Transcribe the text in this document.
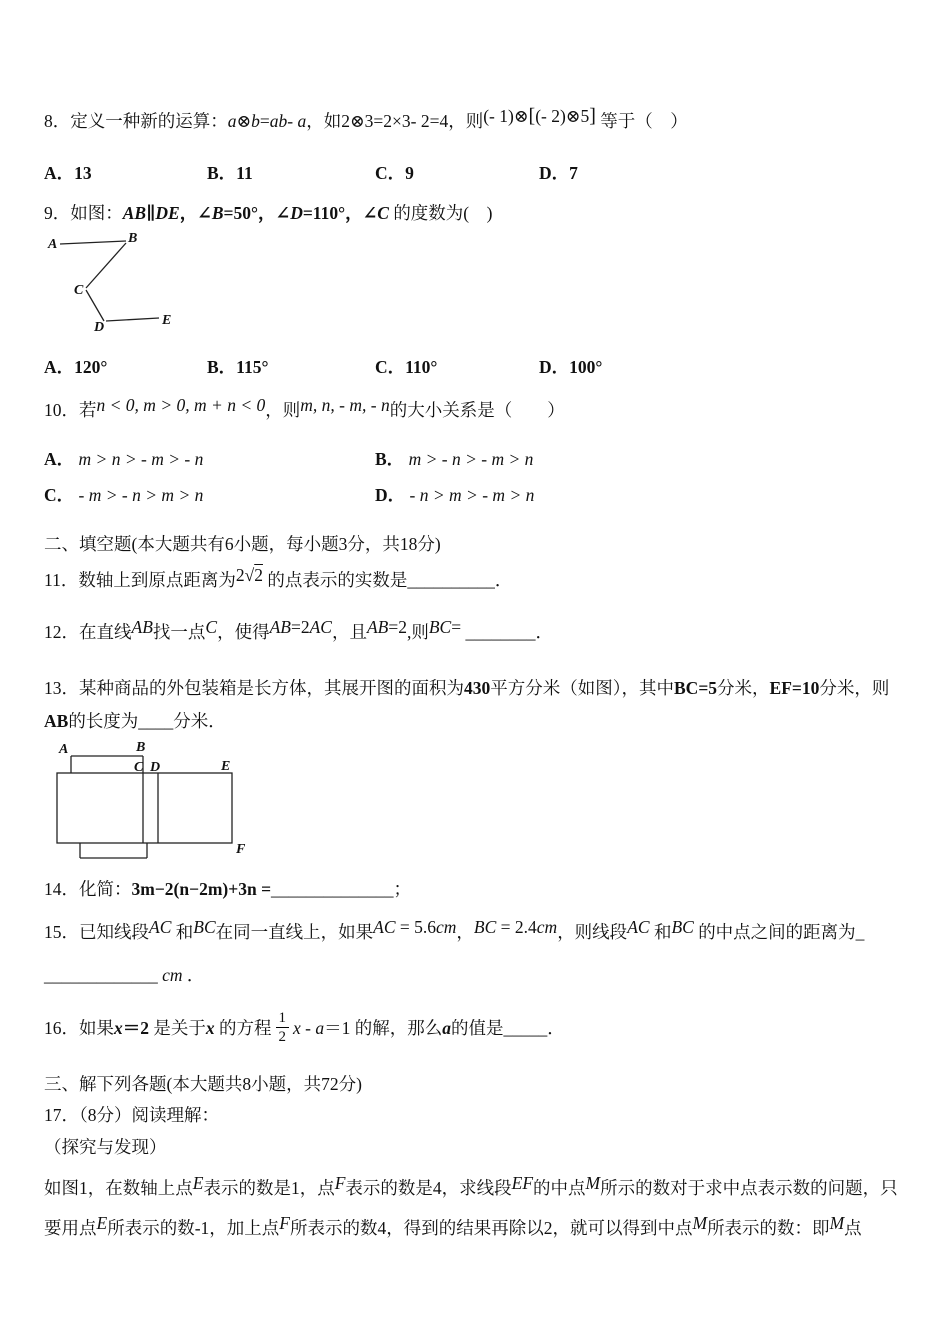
8．定义一种新的运算：a⊗b=ab- a，如2⊗3=2×3- 2=4，则(- 1)⊗[(- 2)⊗5] 等于（　）
A．13	B．11	C．9	D．7
9．如图：AB∥DE，∠B=50°，∠D=110°，∠C 的度数为(　)
A	B
C
D	E
A．120°	B．115°	C．110°	D．100°
10．若n < 0, m > 0, m + n < 0，则m, n, - m, - n的大小关系是（　　）
A． m > n > - m > - n	B． m > - n > - m > n
C． - m > - n > m > n	D． - n > m > - m > n
二、填空题(本大题共有6小题，每小题3分，共18分)
11．数轴上到原点距离为2√2 的点表示的实数是__________．
12．在直线AB找一点C，使得AB=2AC，且AB=2,则BC= ________．
13．某种商品的外包装箱是长方体，其展开图的面积为430平方分米（如图），其中BC=5分米，EF=10分米，则AB的长度为____分米．
A	B
C D	E
F
14．化简：3m−2(n−2m)+3n =______________；
15．已知线段AC 和BC在同一直线上，如果AC = 5.6cm，BC = 2.4cm，则线段AC 和BC 的中点之间的距离为_
_____________ cm ．
16．如果x＝2 是关于x 的方程 $\frac{1}{2}$ x - a＝1 的解，那么a的值是_____．
三、解下列各题(本大题共8小题，共72分)
17．（8分）阅读理解：
（探究与发现）
如图1，在数轴上点E表示的数是1，点F表示的数是4，求线段EF的中点M所示的数对于求中点表示数的问题，只要用点E所表示的数-1，加上点F所表示的数4，得到的结果再除以2，就可以得到中点M所表示的数：即M点
